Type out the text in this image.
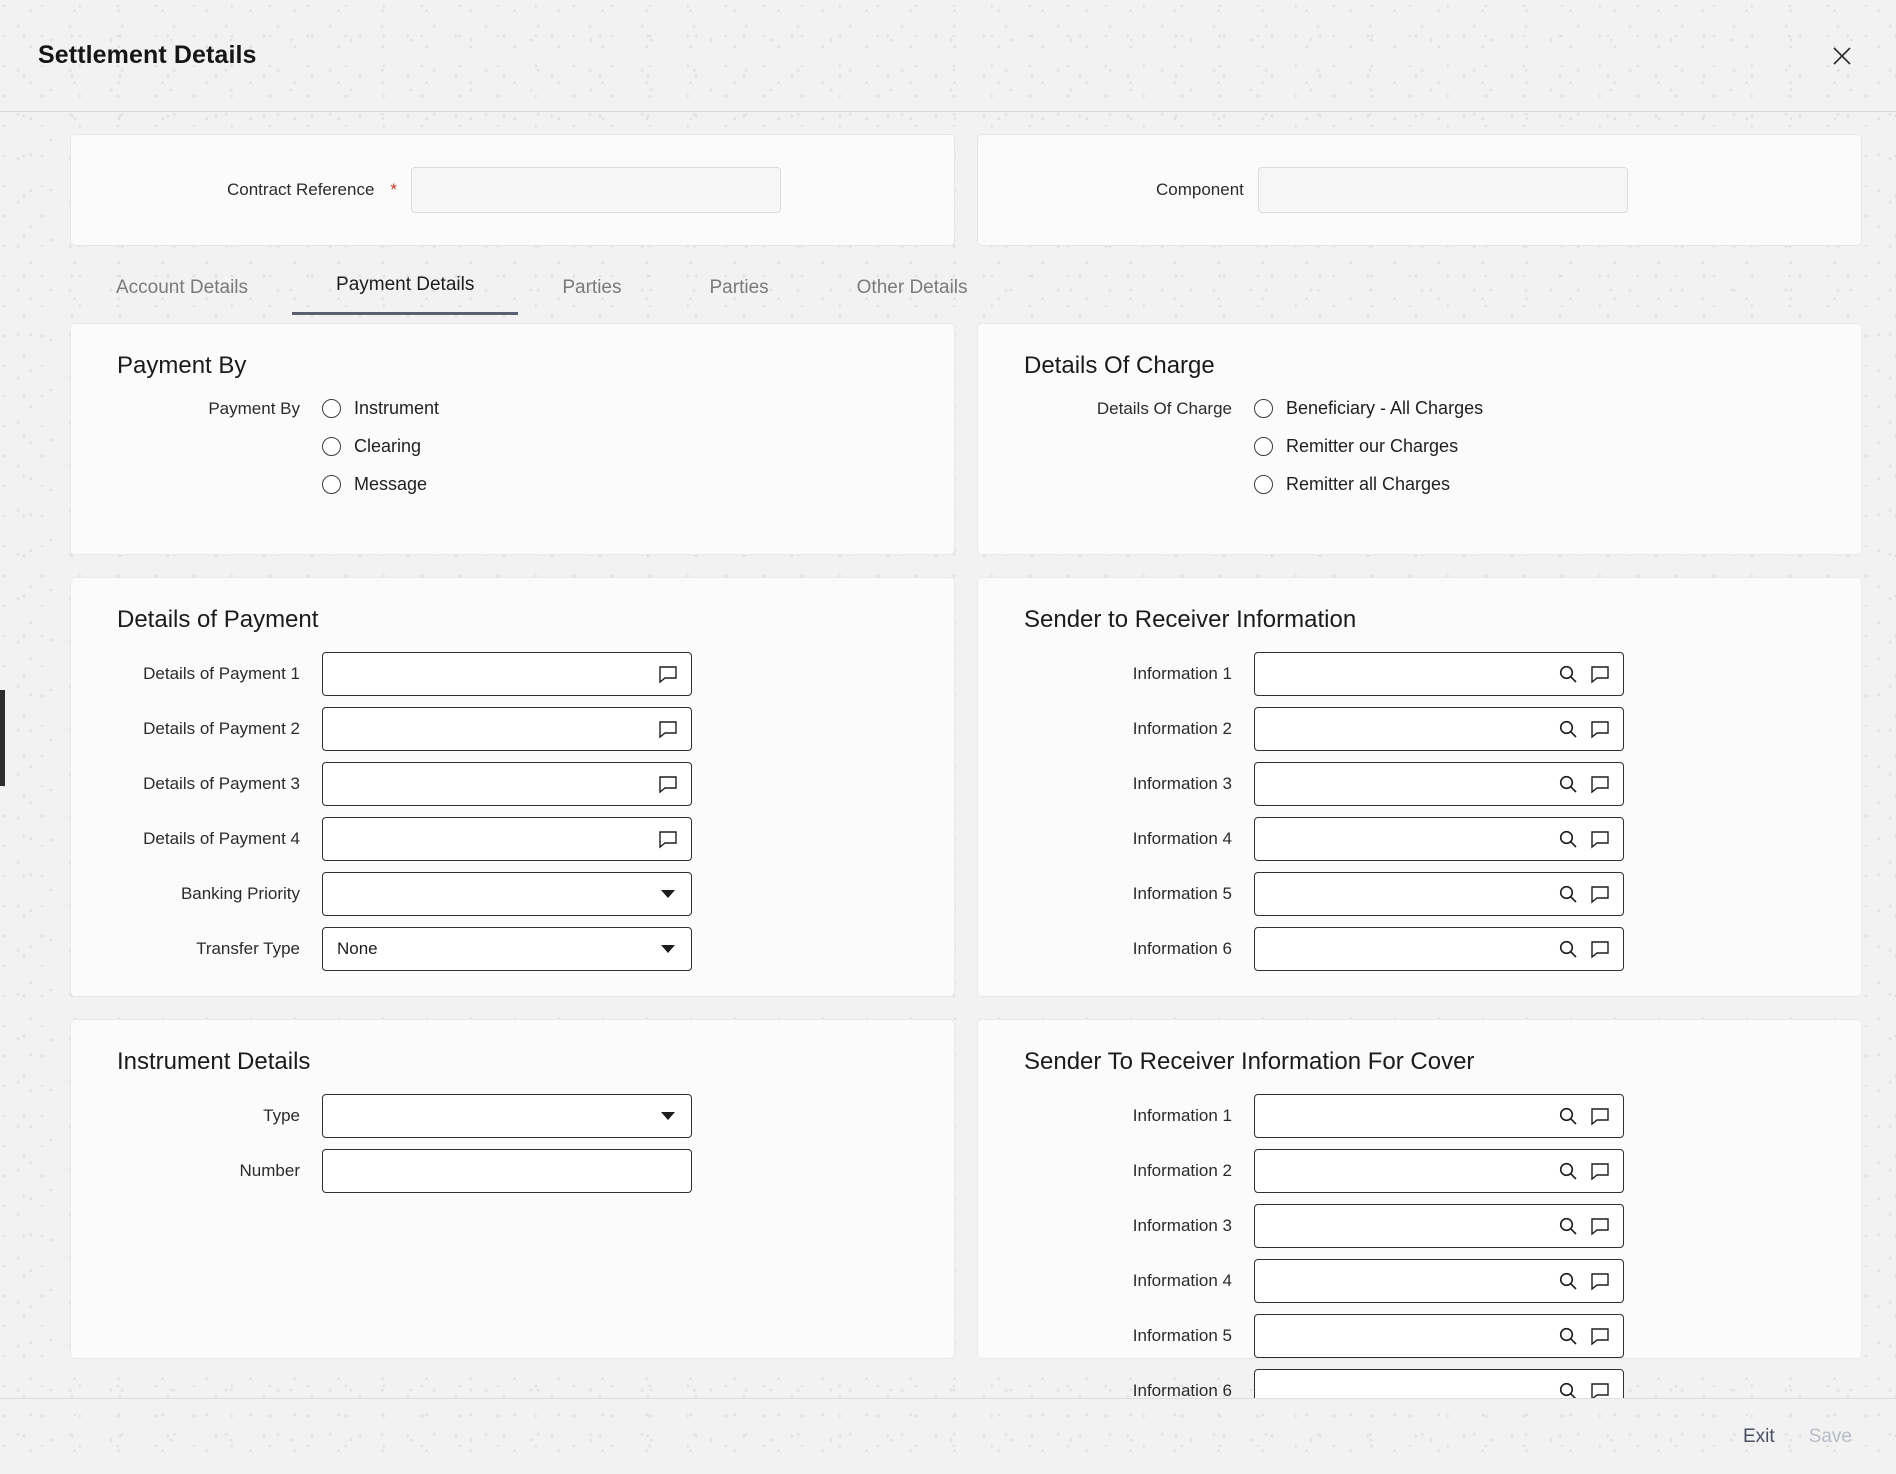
Settlement Details
Contract Reference *	Component
Account Details	Payment Details	Parties	Parties	Other Details
Payment By
Payment By	Instrument
Clearing
Message
Details of Payment
Details of Payment 1
Details of Payment 2
Details of Payment 3
Details of Payment 4
Banking Priority
Transfer Type	None
Instrument Details
Type
Number
Details Of Charge
Details Of Charge	Beneficiary - All Charges
Remitter our Charges
Remitter all Charges
Sender to Receiver Information
Information 1
Information 2
Information 3
Information 4
Information 5
Information 6
Sender To Receiver Information For Cover
Information 1
Information 2
Information 3
Information 4
Information 5
Information 6
Exit Save
